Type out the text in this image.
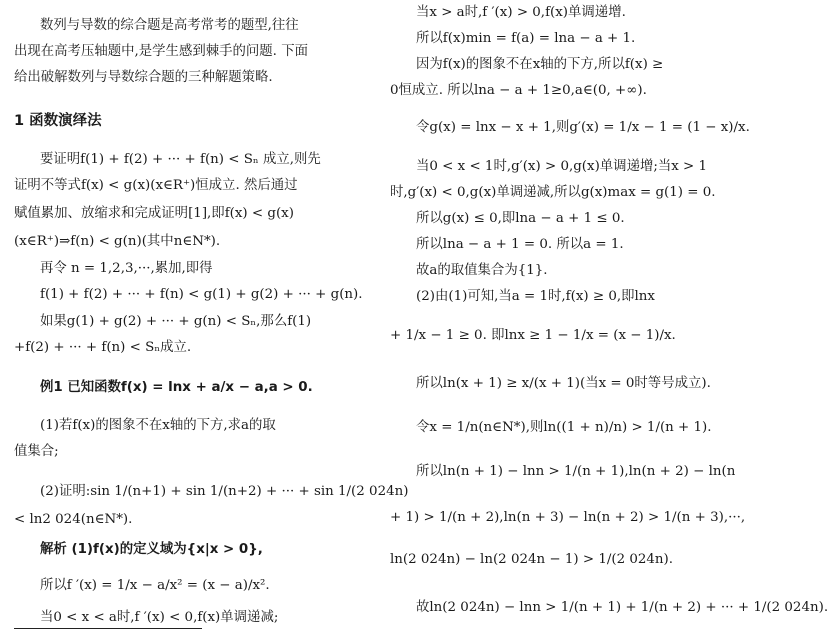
数列与导数的综合题是高考常考的题型,往往
出现在高考压轴题中,是学生感到棘手的问题. 下面
给出破解数列与导数综合题的三种解题策略.
1 函数演绎法
要证明f(1) + f(2) + ··· + f(n) < Sₙ 成立,则先
证明不等式f(x) < g(x)(x∈R⁺)恒成立. 然后通过
赋值累加、放缩求和完成证明[1],即f(x) < g(x)
(x∈R⁺)⇒f(n) < g(n)(其中n∈N*).
再令 n = 1,2,3,···,累加,即得
f(1) + f(2) + ··· + f(n) < g(1) + g(2) + ··· + g(n).
如果g(1) + g(2) + ··· + g(n) < Sₙ,那么f(1)
+f(2) + ··· + f(n) < Sₙ成立.
例1 已知函数f(x) = lnx + a/x − a,a > 0.
(1)若f(x)的图象不在x轴的下方,求a的取
值集合;
(2)证明:sin 1/(n+1) + sin 1/(n+2) + ··· + sin 1/(2 024n)
< ln2 024(n∈N*).
解析 (1)f(x)的定义域为{x|x > 0},
所以f ′(x) = 1/x − a/x² = (x − a)/x².
当0 < x < a时,f ′(x) < 0,f(x)单调递减;
当x > a时,f ′(x) > 0,f(x)单调递增.
所以f(x)min = f(a) = lna − a + 1.
因为f(x)的图象不在x轴的下方,所以f(x) ≥
0恒成立. 所以lna − a + 1≥0,a∈(0, +∞).
令g(x) = lnx − x + 1,则g′(x) = 1/x − 1 = (1 − x)/x.
当0 < x < 1时,g′(x) > 0,g(x)单调递增;当x > 1
时,g′(x) < 0,g(x)单调递减,所以g(x)max = g(1) = 0.
所以g(x) ≤ 0,即lna − a + 1 ≤ 0.
所以lna − a + 1 = 0. 所以a = 1.
故a的取值集合为{1}.
(2)由(1)可知,当a = 1时,f(x) ≥ 0,即lnx
+ 1/x − 1 ≥ 0. 即lnx ≥ 1 − 1/x = (x − 1)/x.
所以ln(x + 1) ≥ x/(x + 1)(当x = 0时等号成立).
令x = 1/n(n∈N*),则ln((1 + n)/n) > 1/(n + 1).
所以ln(n + 1) − lnn > 1/(n + 1),ln(n + 2) − ln(n
+ 1) > 1/(n + 2),ln(n + 3) − ln(n + 2) > 1/(n + 3),···,
ln(2 024n) − ln(2 024n − 1) > 1/(2 024n).
故ln(2 024n) − lnn > 1/(n + 1) + 1/(n + 2) + ··· + 1/(2 024n).
